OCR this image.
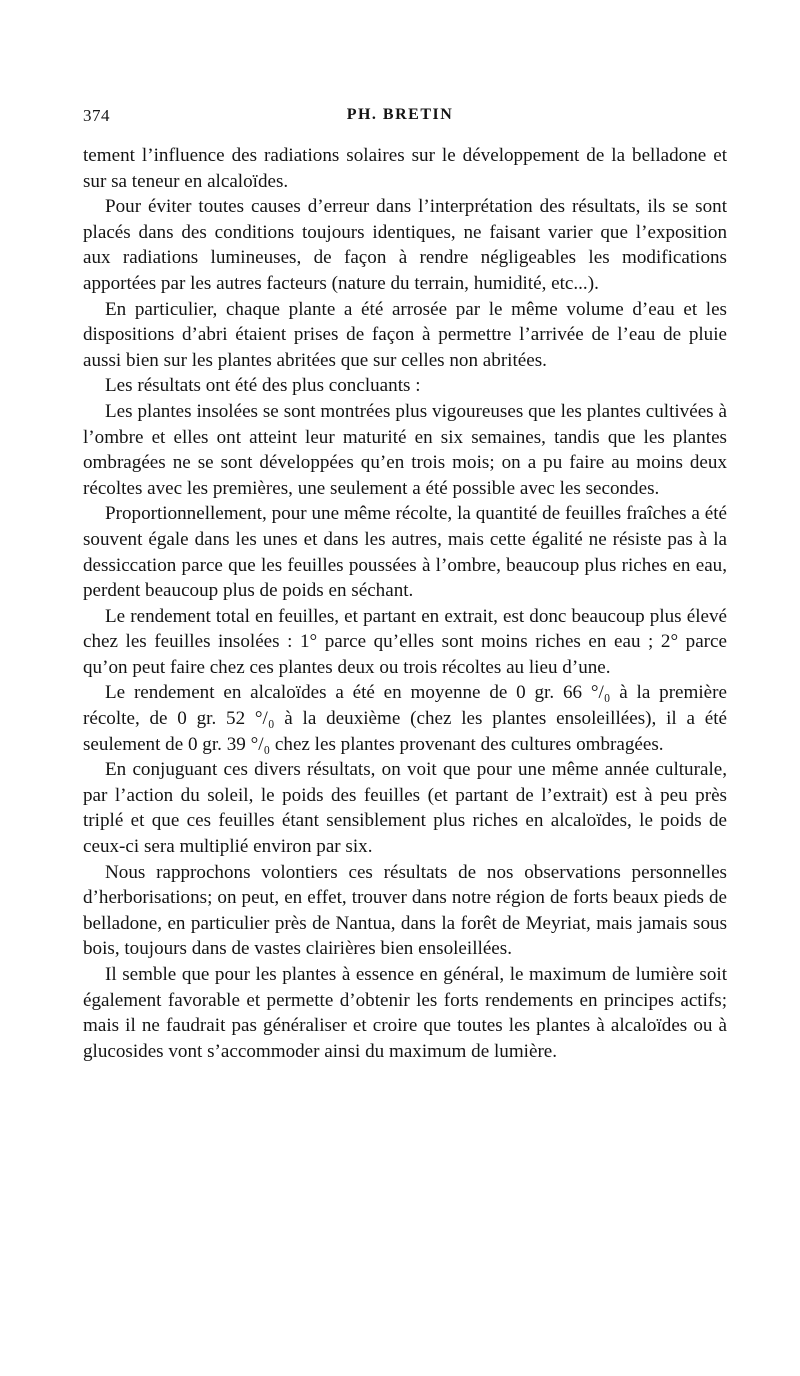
374	PH. BRETIN

tement l’influence des radiations solaires sur le développement de la belladone et sur sa teneur en alcaloïdes.

Pour éviter toutes causes d’erreur dans l’interprétation des résultats, ils se sont placés dans des conditions toujours identiques, ne faisant varier que l’exposition aux radiations lumineuses, de façon à rendre négligeables les modifications apportées par les autres facteurs (nature du terrain, humidité, etc...).

En particulier, chaque plante a été arrosée par le même volume d’eau et les dispositions d’abri étaient prises de façon à permettre l’arrivée de l’eau de pluie aussi bien sur les plantes abritées que sur celles non abritées.

Les résultats ont été des plus concluants :

Les plantes insolées se sont montrées plus vigoureuses que les plantes cultivées à l’ombre et elles ont atteint leur maturité en six semaines, tandis que les plantes ombragées ne se sont développées qu’en trois mois; on a pu faire au moins deux récoltes avec les premières, une seulement a été possible avec les secondes.

Proportionnellement, pour une même récolte, la quantité de feuilles fraîches a été souvent égale dans les unes et dans les autres, mais cette égalité ne résiste pas à la dessiccation parce que les feuilles poussées à l’ombre, beaucoup plus riches en eau, perdent beaucoup plus de poids en séchant.

Le rendement total en feuilles, et partant en extrait, est donc beaucoup plus élevé chez les feuilles insolées : 1° parce qu’elles sont moins riches en eau ; 2° parce qu’on peut faire chez ces plantes deux ou trois récoltes au lieu d’une.

Le rendement en alcaloïdes a été en moyenne de 0 gr. 66 °/₀ à la première récolte, de 0 gr. 52 °/₀ à la deuxième (chez les plantes ensoleillées), il a été seulement de 0 gr. 39 °/₀ chez les plantes provenant des cultures ombragées.

En conjuguant ces divers résultats, on voit que pour une même année culturale, par l’action du soleil, le poids des feuilles (et partant de l’extrait) est à peu près triplé et que ces feuilles étant sensiblement plus riches en alcaloïdes, le poids de ceux-ci sera multiplié environ par six.

Nous rapprochons volontiers ces résultats de nos observations personnelles d’herborisations; on peut, en effet, trouver dans notre région de forts beaux pieds de belladone, en particulier près de Nantua, dans la forêt de Meyriat, mais jamais sous bois, toujours dans de vastes clairières bien ensoleillées.

Il semble que pour les plantes à essence en général, le maximum de lumière soit également favorable et permette d’obtenir les forts rendements en principes actifs; mais il ne faudrait pas généraliser et croire que toutes les plantes à alcaloïdes ou à glucosides vont s’accommoder ainsi du maximum de lumière.
